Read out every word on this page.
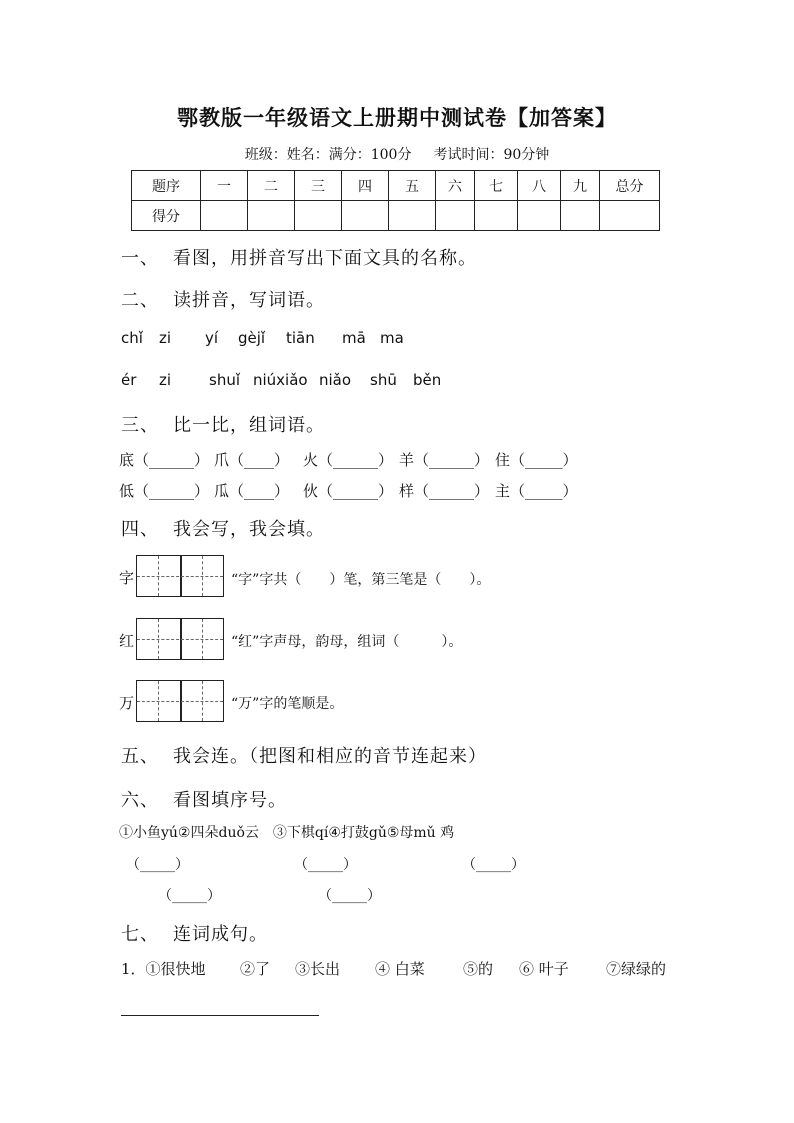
鄂教版一年级语文上册期中测试卷【加答案】
班级：姓名：满分：100分 考试时间：90分钟
题序	一	二	三	四	五	六	七	八	九	总分
得分										
一、 看图，用拼音写出下面文具的名称。
二、 读拼音，写词语。
chǐ zi yí gèjǐ tiān mā ma
ér zi	shuǐ niúxiǎo niǎo shū běn
三、 比一比，组词语。
底（______） 爪（____） 火（______） 羊（______） 住（_____）
低（______） 瓜（____） 伙（______） 样（______） 主（_____）
四、 我会写，我会填。
字	“字”字共（　　）笔，第三笔是（　　）。
红	“红”字声母，韵母，组词（　　　）。
万	“万”字的笔顺是。
五、 我会连。（把图和相应的音节连起来）
六、 看图填序号。
①小鱼yú②四朵duǒ云　③下棋qí④打鼓gǔ⑤母mǔ 鸡
（_____）	（_____）	（_____）
（_____）	（_____）
七、 连词成句。
1．①很快地 ②了 ③长出 ④ 白菜	⑤的 ⑥ 叶子 ⑦绿绿的
